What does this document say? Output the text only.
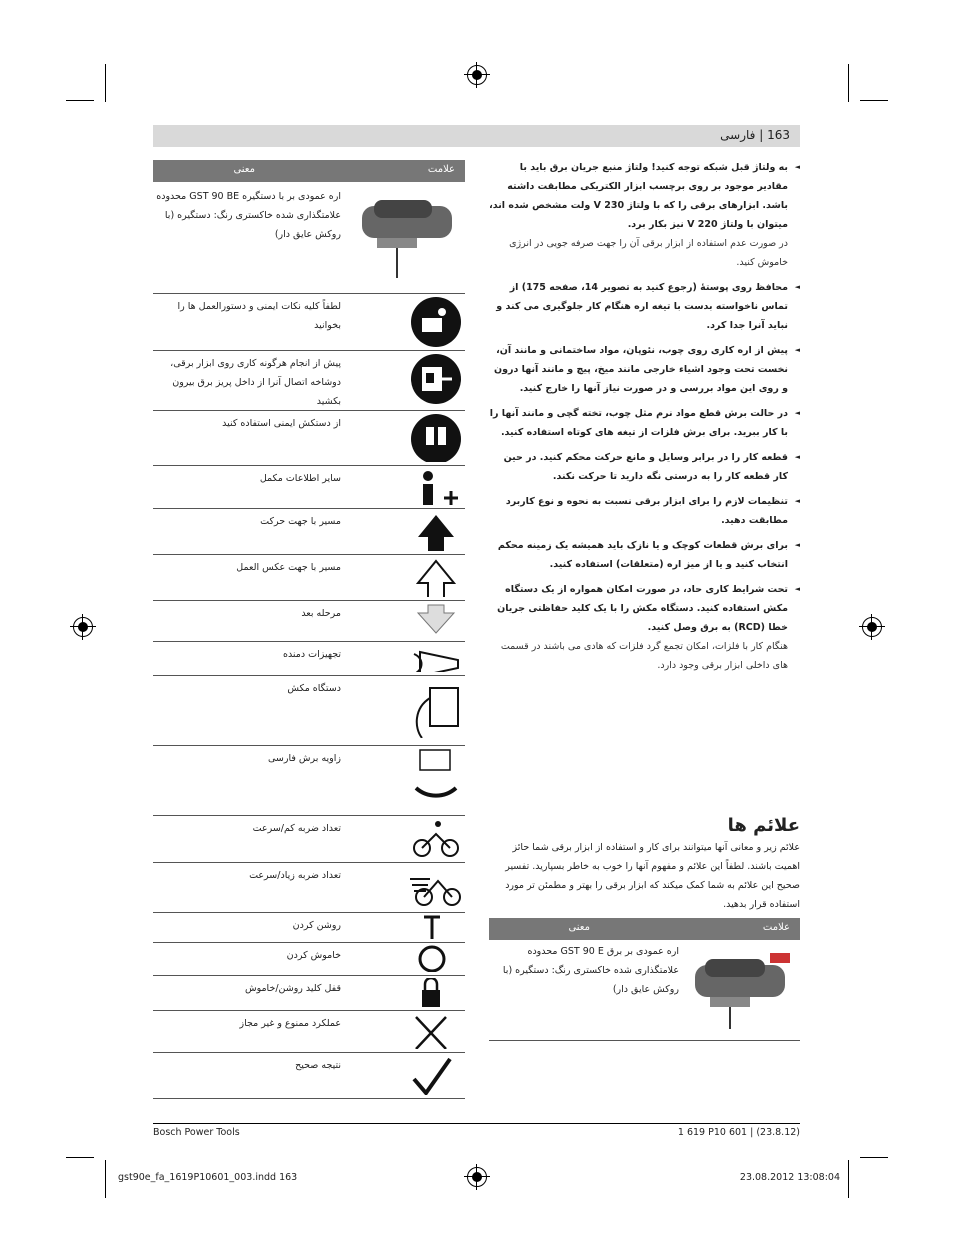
163 | فارسی
◄ به ولتاژ قبل شبکه توجه کنید! ولتاژ منبع جریان برق باید با مقادیر موجود بر روی برچسب ابزار الکتریکی مطابقت داشته باشد. ابزارهای برقی را که با ولتاژ 230 V ولت مشخص شده اند، میتوان با ولتاژ 220 V نیز بکار برد.
در صورت عدم استفاده از ابزار برقی آن را جهت صرفه جویی در انرژی خاموش کنید.
◄ محافظ روی پوستهٔ (رجوع کنید به تصویر 14، صفحه 175) از تماس ناخواسته بدست با تیغه اره هنگام کار جلوگیری می کند و نباید آنرا جدا کرد.
◄ پیش از اره کاری روی چوب، نئوپان، مواد ساختمانی و مانند آن، نخست تحت وجود اشیاء خارجی مانند میخ، پیچ و مانند آنها درون و روی این مواد بررسی و در صورت نیاز آنها را خارج کنید.
◄ در حالت برش قطع مواد نرم مثل چوب، تخته گچی و مانند آنها را با کار ببرید. برای برش فلزات از تیغه های کوتاه استفاده کنید.
◄ قطعه کار را در برابر وسایل و مانع حرکت محکم کنید. در حین کار قطعه کار را به درستی نگه دارید تا حرکت نکند.
◄ تنظیمات لازم را برای ابزار برقی نسبت به نحوه و نوع کاربرد مطابقت دهید.
◄ برای برش قطعات کوچک و یا نازک باید همیشه یک زمینه محکم انتخاب کنید و یا از میز اره (متعلقات) استفاده کنید.
◄ تحت شرایط کاری حاد، در صورت امکان همواره از یک دستگاه مکش استفاده کنید. دستگاه مکش را با یک کلید حفاظتی جریان خطا (RCD) به برق وصل کنید.
هنگام کار با فلزات، امکان تجمع گرد فلزات که هادی می باشند در قسمت های داخلی ابزار برقی وجود دارد.
علائم ها
علائم زیر و معانی آنها میتوانند برای کار و استفاده از ابزار برقی شما حائز اهمیت باشند. لطفاً این علائم و مفهوم آنها را خوب به خاطر بسپارید. تفسیر صحیح این علائم به شما کمک میکند که ابزار برقی را بهتر و مطمئن تر مورد استفاده قرار بدهید.
علامت
معنی
اره عمودی بر برق GST 90 E محدوده علامتگذاری شده خاکستری رنگ: دستگیره (با روکش عایق دار)
علامت
معنی
اره عمودی بر با دستگیره GST 90 BE محدوده علامتگذاری شده خاکستری رنگ: دستگیره (با روکش عایق دار)
لطفاً کلیه نکات ایمنی و دستورالعمل ها را بخوانید
پیش از انجام هرگونه کاری روی ابزار برقی، دوشاخه اتصال آنرا از داخل پریز برق بیرون بکشید
از دستکش ایمنی استفاده کنید
سایر اطلاعات مکمل
مسیر با جهت حرکت
مسیر با جهت عکس العمل
مرحله بعد
تجهیزات دمنده
دستگاه مکش
زاویه برش فارسی
تعداد ضربه کم/سرعت
تعداد ضربه زیاد/سرعت
روشن کردن
خاموش کردن
قفل کلید روشن/خاموش
عملکرد ممنوع و غیر مجاز
نتیجه صحیح
Bosch Power Tools	1 619 P10 601 | (23.8.12)
gst90e_fa_1619P10601_003.indd 163	23.08.2012 13:08:04
